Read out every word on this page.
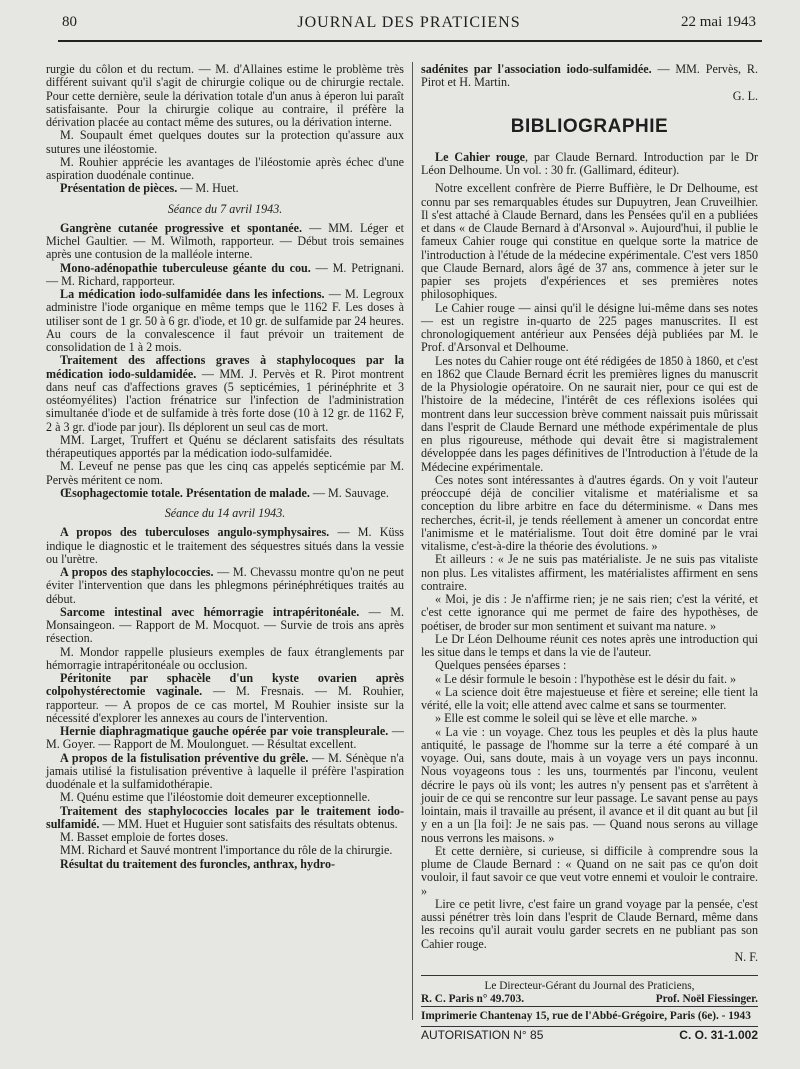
JOURNAL DES PRATICIENS
80	22 mai 1943

rurgie du côlon et du rectum. — M. d'Allaines estime le problème très différent suivant qu'il s'agit de chirurgie colique ou de chirurgie rectale. Pour cette dernière, seule la dérivation totale d'un anus à éperon lui paraît satisfaisante. Pour la chirurgie colique au contraire, il préfère la dérivation placée au contact même des sutures, ou la dérivation interne.

M. Soupault émet quelques doutes sur la protection qu'assure aux sutures une iléostomie.

M. Rouhier apprécie les avantages de l'iléostomie après échec d'une aspiration duodénale continue.

Présentation de pièces. — M. Huet.

Séance du 7 avril 1943.

Gangrène cutanée progressive et spontanée. — MM. Léger et Michel Gaultier. — M. Wilmoth, rapporteur. — Début trois semaines après une contusion de la malléole interne.

Mono-adénopathie tuberculeuse géante du cou. — M. Petrignani. — M. Richard, rapporteur.

La médication iodo-sulfamidée dans les infections. — M. Legroux administre l'iode organique en même temps que le 1162 F. Les doses à utiliser sont de 1 gr. 50 à 6 gr. d'iode, et 10 gr. de sulfamide par 24 heures. Au cours de la convalescence il faut prévoir un traitement de consolidation de 1 à 2 mois.

Traitement des affections graves à staphylocoques par la médication iodo-suldamidée. — MM. J. Pervès et R. Pirot montrent dans neuf cas d'affections graves (5 septicémies, 1 périnéphrite et 3 ostéomyélites) l'action frénatrice sur l'infection de l'administration simultanée d'iode et de sulfamide à très forte dose (10 à 12 gr. de 1162 F, 2 à 3 gr. d'iode par jour). Ils déplorent un seul cas de mort.

MM. Larget, Truffert et Quénu se déclarent satisfaits des résultats thérapeutiques apportés par la médication iodo-sulfamidée.

M. Leveuf ne pense pas que les cinq cas appelés septicémie par M. Pervès méritent ce nom.

Œsophagectomie totale. Présentation de malade. — M. Sauvage.

Séance du 14 avril 1943.

A propos des tuberculoses angulo-symphysaires. — M. Küss indique le diagnostic et le traitement des séquestres situés dans la vessie ou l'urètre.

A propos des staphylococcies. — M. Chevassu montre qu'on ne peut éviter l'intervention que dans les phlegmons périnéphrétiques traités au début.

Sarcome intestinal avec hémorragie intrapéritonéale. — M. Monsaingeon. — Rapport de M. Mocquot. — Survie de trois ans après résection.

M. Mondor rappelle plusieurs exemples de faux étranglements par hémorragie intrapéritonéale ou occlusion.

Péritonite par sphacèle d'un kyste ovarien après colpohystérectomie vaginale. — M. Fresnais. — M. Rouhier, rapporteur. — A propos de ce cas mortel, M Rouhier insiste sur la nécessité d'explorer les annexes au cours de l'intervention.

Hernie diaphragmatique gauche opérée par voie transpleurale. — M. Goyer. — Rapport de M. Moulonguet. — Résultat excellent.

A propos de la fistulisation préventive du grêle. — M. Sénèque n'a jamais utilisé la fistulisation préventive à laquelle il préfère l'aspiration duodénale et la sulfamidothérapie.

M. Quénu estime que l'iléostomie doit demeurer exceptionnelle.

Traitement des staphylococcies locales par le traitement iodo-sulfamidé. — MM. Huet et Huguier sont satisfaits des résultats obtenus.

M. Basset emploie de fortes doses.

MM. Richard et Sauvé montrent l'importance du rôle de la chirurgie.

Résultat du traitement des furoncles, anthrax, hydro-

sadénites par l'association iodo-sulfamidée. — MM. Pervès, R. Pirot et H. Martin.

G. L.

BIBLIOGRAPHIE

Le Cahier rouge, par Claude Bernard. Introduction par le Dr Léon Delhoume. Un vol. : 30 fr. (Gallimard, éditeur).

Notre excellent confrère de Pierre Buffière, le Dr Delhoume, est connu par ses remarquables études sur Dupuytren, Jean Cruveilhier. Il s'est attaché à Claude Bernard, dans les Pensées qu'il en a publiées et dans « de Claude Bernard à d'Arsonval ». Aujourd'hui, il publie le fameux Cahier rouge qui constitue en quelque sorte la matrice de l'introduction à l'étude de la médecine expérimentale. C'est vers 1850 que Claude Bernard, alors âgé de 37 ans, commence à jeter sur le papier ses projets d'expériences et ses premières notes philosophiques.

Le Cahier rouge — ainsi qu'il le désigne lui-même dans ses notes — est un registre in-quarto de 225 pages manuscrites. Il est chronologiquement antérieur aux Pensées déjà publiées par M. le Prof. d'Arsonval et Delhoume.

Les notes du Cahier rouge ont été rédigées de 1850 à 1860, et c'est en 1862 que Claude Bernard écrit les premières lignes du manuscrit de la Physiologie opératoire. On ne saurait nier, pour ce qui est de l'histoire de la médecine, l'intérêt de ces réflexions isolées qui montrent dans leur succession brève comment naissait puis mûrissait dans l'esprit de Claude Bernard une méthode expérimentale de plus en plus rigoureuse, méthode qui devait être si magistralement développée dans les pages définitives de l'Introduction à l'étude de la Médecine expérimentale.

Ces notes sont intéressantes à d'autres égards. On y voit l'auteur préoccupé déjà de concilier vitalisme et matérialisme et sa conception du libre arbitre en face du déterminisme. « Dans mes recherches, écrit-il, je tends réellement à amener un concordat entre l'animisme et le matérialisme. Tout doit être dominé par le vrai vitalisme, c'est-à-dire la théorie des évolutions. »

Et ailleurs : « Je ne suis pas matérialiste. Je ne suis pas vitaliste non plus. Les vitalistes affirment, les matérialistes affirment en sens contraire.

« Moi, je dis : Je n'affirme rien; je ne sais rien; c'est la vérité, et c'est cette ignorance qui me permet de faire des hypothèses, de poétiser, de broder sur mon sentiment et suivant ma nature. »

Le Dr Léon Delhoume réunit ces notes après une introduction qui les situe dans le temps et dans la vie de l'auteur.

Quelques pensées éparses :

« Le désir formule le besoin : l'hypothèse est le désir du fait. »

« La science doit être majestueuse et fière et sereine; elle tient la vérité, elle la voit; elle attend avec calme et sans se tourmenter.

» Elle est comme le soleil qui se lève et elle marche. »

« La vie : un voyage. Chez tous les peuples et dès la plus haute antiquité, le passage de l'homme sur la terre a été comparé à un voyage. Oui, sans doute, mais à un voyage vers un pays inconnu. Nous voyageons tous : les uns, tourmentés par l'inconu, veulent décrire le pays où ils vont; les autres n'y pensent pas et s'arrêtent à jouir de ce qui se rencontre sur leur passage. Le savant pense au pays lointain, mais il travaille au présent, il avance et il dit quant au but [il y en a un [la foi]: Je ne sais pas. — Quand nous serons au village nous verrons les maisons. »

Et cette dernière, si curieuse, si difficile à comprendre sous la plume de Claude Bernard : « Quand on ne sait pas ce qu'on doit vouloir, il faut savoir ce que veut votre ennemi et vouloir le contraire. »

Lire ce petit livre, c'est faire un grand voyage par la pensée, c'est aussi pénétrer très loin dans l'esprit de Claude Bernard, même dans les recoins qu'il aurait voulu garder secrets en ne publiant pas son Cahier rouge.

N. F.

Le Directeur-Gérant du Journal des Praticiens,

R. C. Paris n° 49.703.	Prof. Noël Fiessinger.

Imprimerie Chantenay 15, rue de l'Abbé-Grégoire, Paris (6e). - 1943

AUTORISATION N° 85	C. O. 31-1.002
